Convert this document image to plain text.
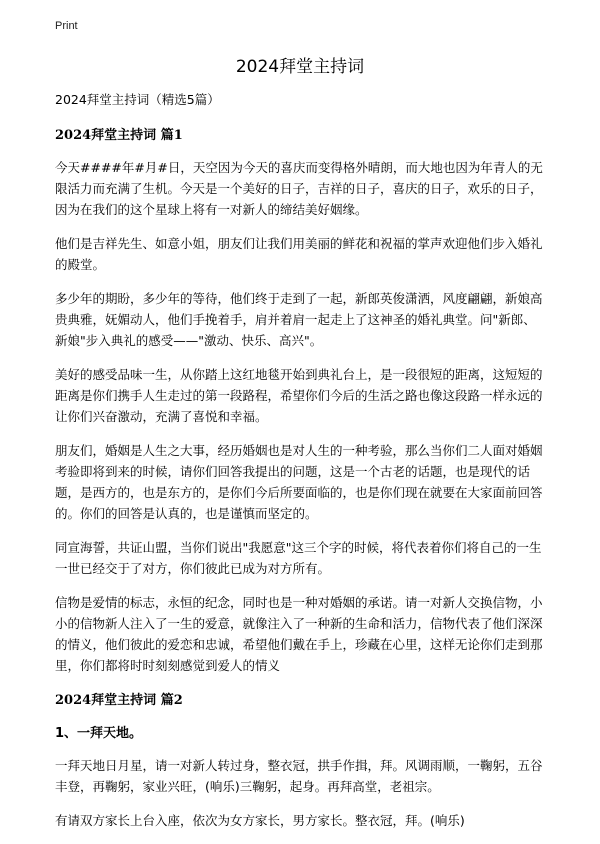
Print
2024拜堂主持词

2024拜堂主持词（精选5篇）

2024拜堂主持词 篇1

今天####年#月#日，天空因为今天的喜庆而变得格外晴朗，而大地也因为年青人的无限活力而充满了生机。今天是一个美好的日子，吉祥的日子，喜庆的日子，欢乐的日子，因为在我们的这个星球上将有一对新人的缔结美好姻缘。

他们是吉祥先生、如意小姐，朋友们让我们用美丽的鲜花和祝福的掌声欢迎他们步入婚礼的殿堂。

多少年的期盼，多少年的等待，他们终于走到了一起，新郎英俊潇洒，风度翩翩，新娘高贵典雅，妩媚动人，他们手挽着手，肩并着肩一起走上了这神圣的婚礼典堂。问"新郎、新娘"步入典礼的感受——"激动、快乐、高兴"。

美好的感受品味一生，从你踏上这红地毯开始到典礼台上，是一段很短的距离，这短短的距离是你们携手人生走过的第一段路程，希望你们今后的生活之路也像这段路一样永远的让你们兴奋激动，充满了喜悦和幸福。

朋友们，婚姻是人生之大事，经历婚姻也是对人生的一种考验，那么当你们二人面对婚姻考验即将到来的时候，请你们回答我提出的问题，这是一个古老的话题，也是现代的话题，是西方的，也是东方的，是你们今后所要面临的，也是你们现在就要在大家面前回答的。你们的回答是认真的，也是谨慎而坚定的。

同宣海誓，共证山盟，当你们说出"我愿意"这三个字的时候，将代表着你们将自己的一生一世已经交于了对方，你们彼此已成为对方所有。

信物是爱情的标志，永恒的纪念，同时也是一种对婚姻的承诺。请一对新人交换信物，小小的信物新人注入了一生的爱意，就像注入了一种新的生命和活力，信物代表了他们深深的情义，他们彼此的爱恋和忠诚，希望他们戴在手上，珍藏在心里，这样无论你们走到那里，你们都将时时刻刻感觉到爱人的情义

2024拜堂主持词 篇2

1、一拜天地。

一拜天地日月星，请一对新人转过身，整衣冠，拱手作揖，拜。风调雨顺，一鞠躬，五谷丰登，再鞠躬，家业兴旺，(响乐)三鞠躬，起身。再拜高堂，老祖宗。

有请双方家长上台入座，依次为女方家长，男方家长。整衣冠，拜。(响乐)
